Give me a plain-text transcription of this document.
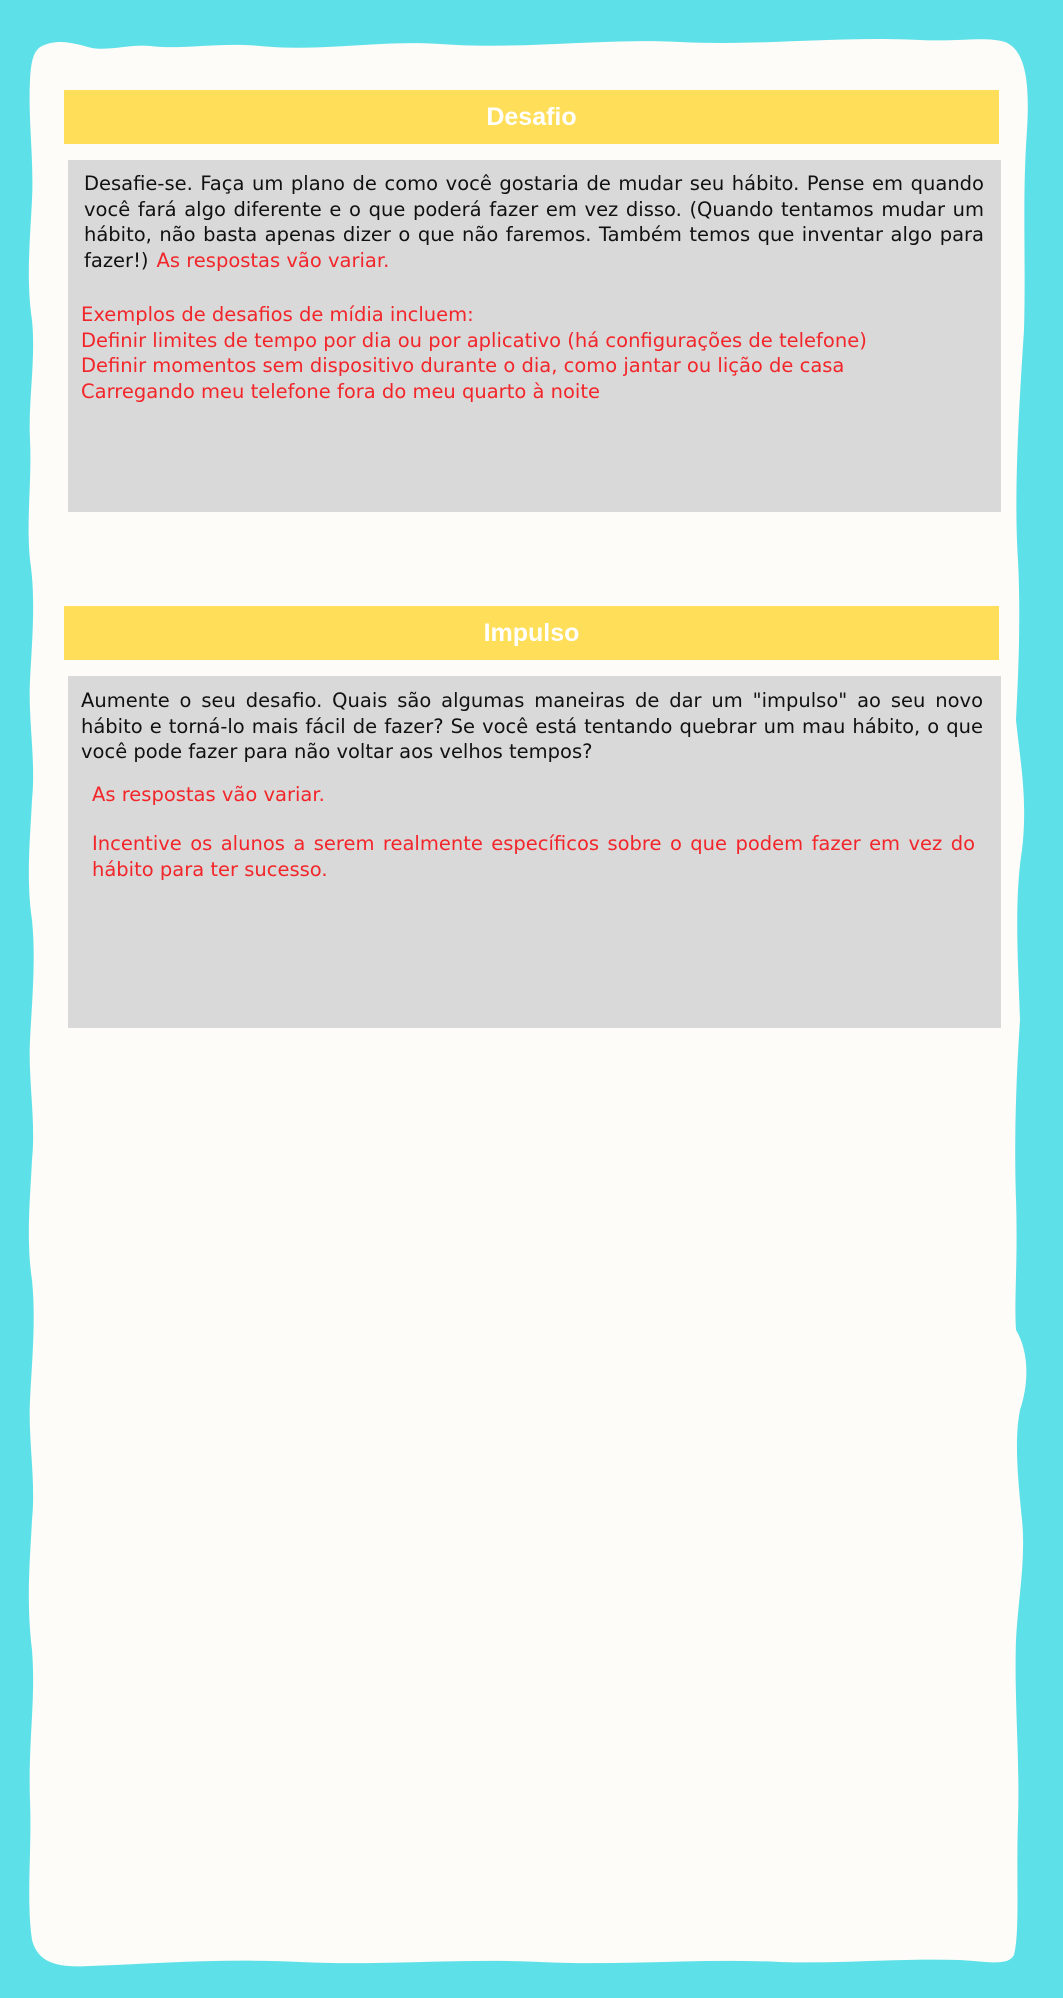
Desafio

Desafie-se. Faça um plano de como você gostaria de mudar seu hábito. Pense em quando você fará algo diferente e o que poderá fazer em vez disso. (Quando tentamos mudar um hábito, não basta apenas dizer o que não faremos. Também temos que inventar algo para fazer!) As respostas vão variar.

Exemplos de desafios de mídia incluem:
Definir limites de tempo por dia ou por aplicativo (há configurações de telefone)
Definir momentos sem dispositivo durante o dia, como jantar ou lição de casa
Carregando meu telefone fora do meu quarto à noite
Impulso

Aumente o seu desafio. Quais são algumas maneiras de dar um "impulso" ao seu novo hábito e torná-lo mais fácil de fazer? Se você está tentando quebrar um mau hábito, o que você pode fazer para não voltar aos velhos tempos?

As respostas vão variar.

Incentive os alunos a serem realmente específicos sobre o que podem fazer em vez do hábito para ter sucesso.
